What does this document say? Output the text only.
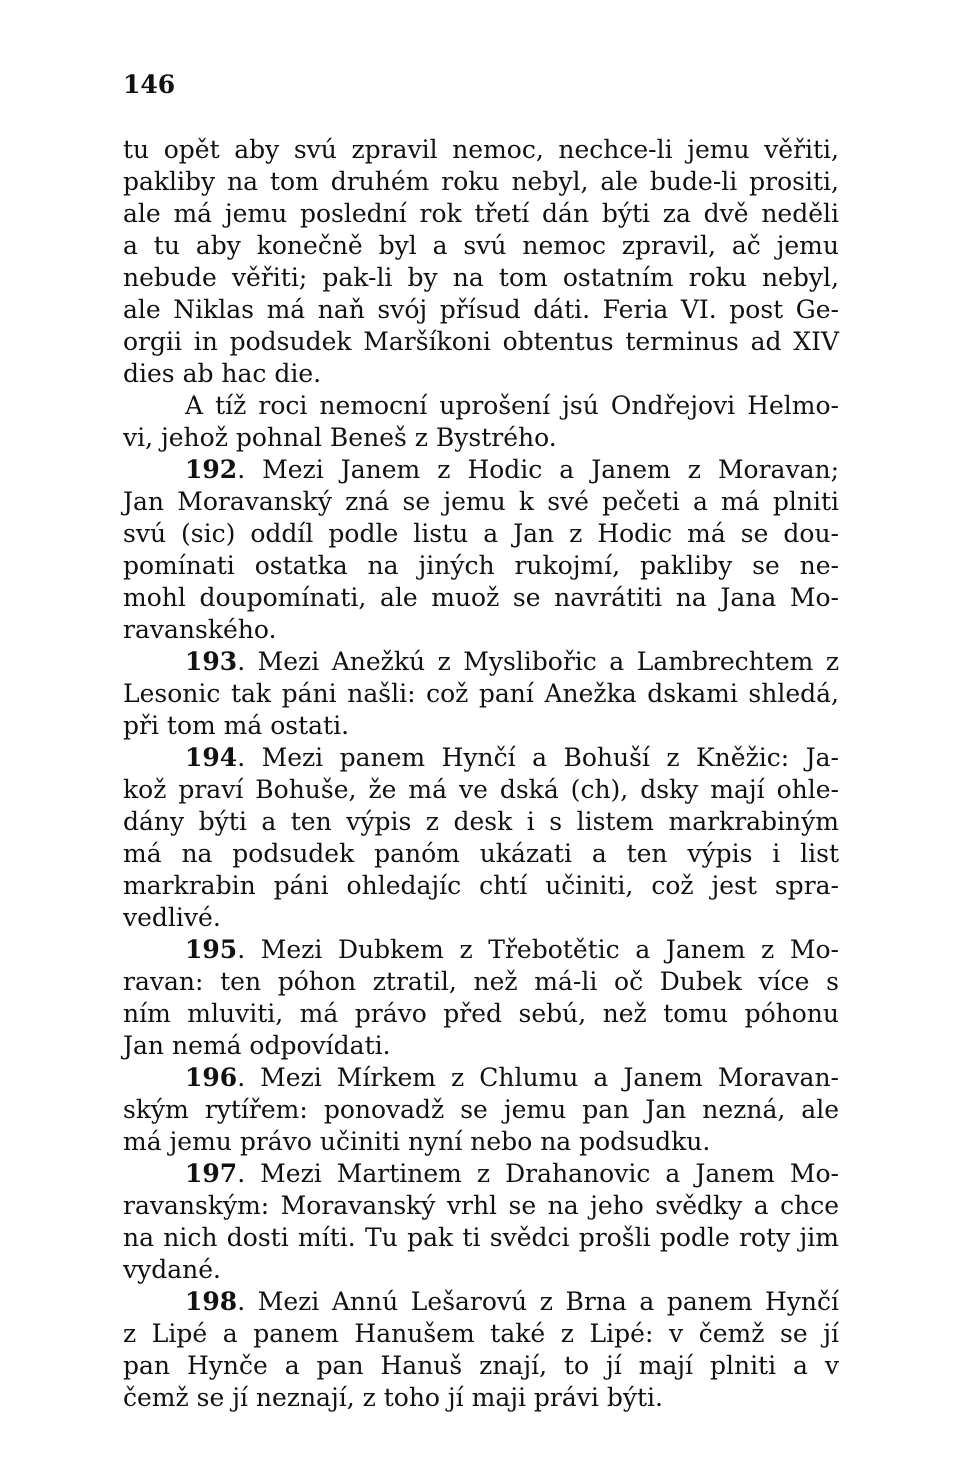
146
tu opět aby svú zpravil nemoc, nechce-li jemu věřiti,
pakliby na tom druhém roku nebyl, ale bude-li prositi,
ale má jemu poslední rok třetí dán býti za dvě neděli
a tu aby konečně byl a svú nemoc zpravil, ač jemu
nebude věřiti; pak-li by na tom ostatním roku nebyl,
ale Niklas má naň svój přísud dáti. Feria VI. post Ge-
orgii in podsudek Maršíkoni obtentus terminus ad XIV
dies ab hac die.
A tíž roci nemocní uprošení jsú Ondřejovi Helmo-
vi, jehož pohnal Beneš z Bystrého.
192. Mezi Janem z Hodic a Janem z Moravan;
Jan Moravanský zná se jemu k své pečeti a má plniti
svú (sic) oddíl podle listu a Jan z Hodic má se dou-
pomínati ostatka na jiných rukojmí, pakliby se ne-
mohl doupomínati, ale muož se navrátiti na Jana Mo-
ravanského.
193. Mezi Anežkú z Myslibořic a Lambrechtem z
Lesonic tak páni našli: což paní Anežka dskami shledá,
při tom má ostati.
194. Mezi panem Hynčí a Bohuší z Kněžic: Ja-
kož praví Bohuše, že má ve dská (ch), dsky mají ohle-
dány býti a ten výpis z desk i s listem markrabiným
má na podsudek panóm ukázati a ten výpis i list
markrabin páni ohledajíc chtí učiniti, což jest spra-
vedlivé.
195. Mezi Dubkem z Třebotětic a Janem z Mo-
ravan: ten póhon ztratil, než má-li oč Dubek více s
ním mluviti, má právo před sebú, než tomu póhonu
Jan nemá odpovídati.
196. Mezi Mírkem z Chlumu a Janem Moravan-
ským rytířem: ponovadž se jemu pan Jan nezná, ale
má jemu právo učiniti nyní nebo na podsudku.
197. Mezi Martinem z Drahanovic a Janem Mo-
ravanským: Moravanský vrhl se na jeho svědky a chce
na nich dosti míti. Tu pak ti svědci prošli podle roty jim
vydané.
198. Mezi Annú Lešarovú z Brna a panem Hynčí
z Lipé a panem Hanušem také z Lipé: v čemž se jí
pan Hynče a pan Hanuš znají, to jí mají plniti a v
čemž se jí neznají, z toho jí maji právi býti.
